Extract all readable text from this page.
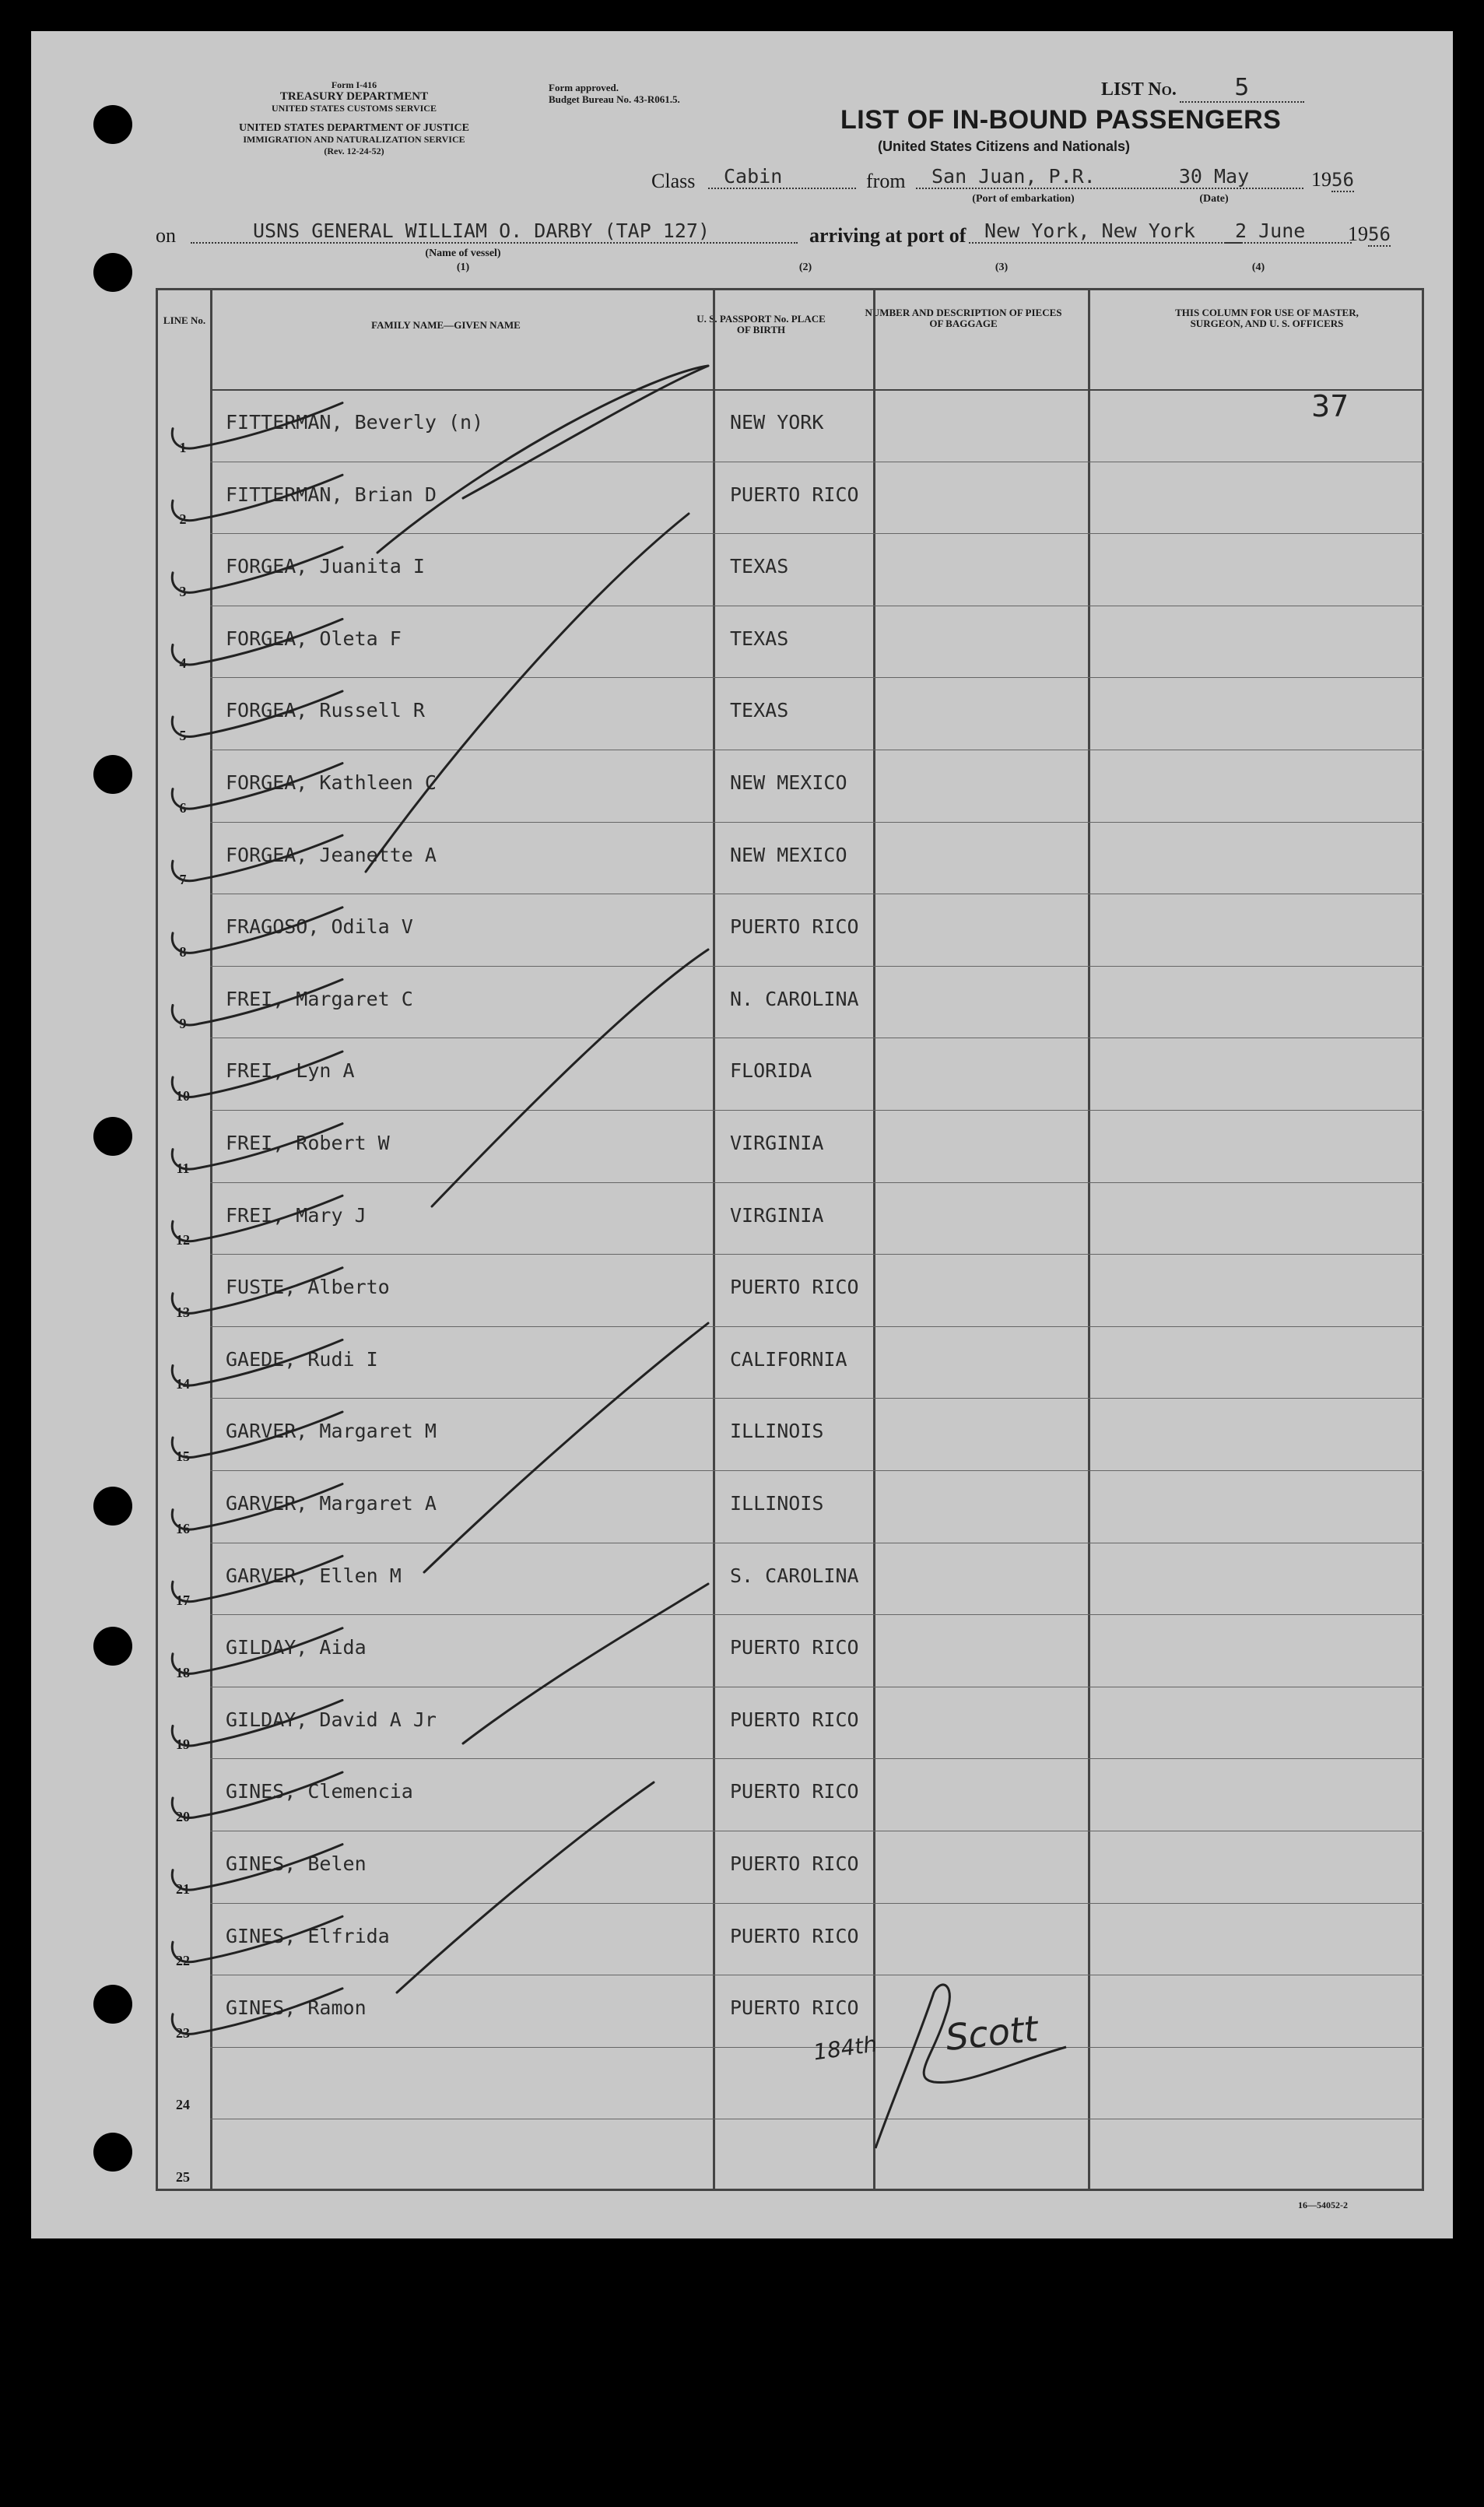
Form I-416
TREASURY DEPARTMENT
UNITED STATES CUSTOMS SERVICE
UNITED STATES DEPARTMENT OF JUSTICE
IMMIGRATION AND NATURALIZATION SERVICE
(Rev. 12-24-52)
Form approved.
Budget Bureau No. 43-R061.5.	LIST No. 5
LIST OF IN-BOUND PASSENGERS
(United States Citizens and Nationals)
Class	Cabin	from	San Juan, P.R.
(Port of embarkation)
30 May
(Date)
1956
on	USNS GENERAL WILLIAM O. DARBY (TAP 127)
(Name of vessel)
(1)
arriving at port of New York, New York	2 June	1956
(2)	(3)	(4)
LINE No.	FAMILY NAME—GIVEN NAME
U. S. PASSPORT No. PLACE OF BIRTH
NUMBER AND DESCRIPTION OF PIECES OF BAGGAGE
THIS COLUMN FOR USE OF MASTER, SURGEON, AND U. S. OFFICERS
1
FITTERMAN, Beverly (n)	NEW YORK
2
FITTERMAN, Brian D	PUERTO RICO
3
FORGEA, Juanita I	TEXAS
4
FORGEA, Oleta F	TEXAS
5
FORGEA, Russell R	TEXAS
6
FORGEA, Kathleen C	NEW MEXICO
7
FORGEA, Jeanette A	NEW MEXICO
8
FRAGOSO, Odila V	PUERTO RICO
9
FREI, Margaret C	N. CAROLINA
10
FREI, Lyn A	FLORIDA
11
FREI, Robert W	VIRGINIA
12
FREI, Mary J	VIRGINIA
13
FUSTE, Alberto	PUERTO RICO
14
GAEDE, Rudi I	CALIFORNIA
15
GARVER, Margaret M	ILLINOIS
16
GARVER, Margaret A	ILLINOIS
17
GARVER, Ellen M	S. CAROLINA
18
GILDAY, Aida	PUERTO RICO
19
GILDAY, David A Jr	PUERTO RICO
20
GINES, Clemencia	PUERTO RICO
21
GINES, Belen	PUERTO RICO
22
GINES, Elfrida	PUERTO RICO
23
GINES, Ramon	PUERTO RICO
24
25
37
16—54052-2
184th Scott
